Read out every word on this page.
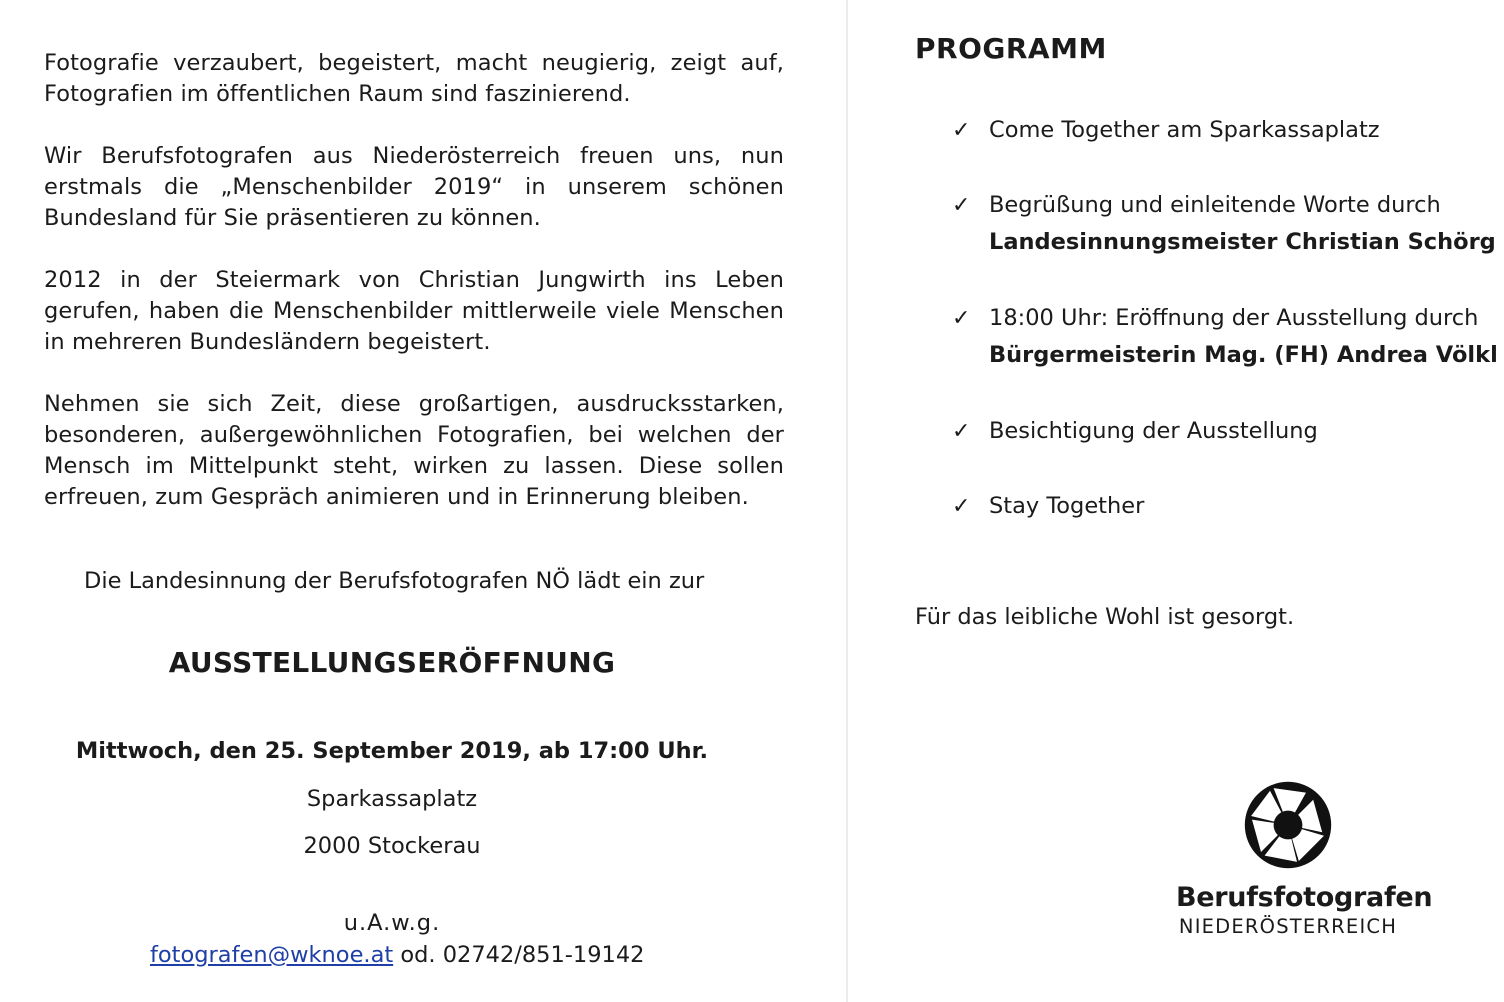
Fotografie verzaubert, begeistert, macht neugierig, zeigt auf, Fotografien im öffentlichen Raum sind faszinierend.

Wir Berufsfotografen aus Niederösterreich freuen uns, nun erstmals die „Menschenbilder 2019“ in unserem schönen Bundesland für Sie präsentieren zu können.

2012 in der Steiermark von Christian Jungwirth ins Leben gerufen, haben die Menschenbilder mittlerweile viele Menschen in mehreren Bundesländern begeistert.

Nehmen sie sich Zeit, diese großartigen, ausdrucksstarken, besonderen, außergewöhnlichen Fotografien, bei welchen der Mensch im Mittelpunkt steht, wirken zu lassen. Diese sollen erfreuen, zum Gespräch animieren und in Erinnerung bleiben.

Die Landesinnung der Berufsfotografen NÖ lädt ein zur
AUSSTELLUNGSERÖFFNUNG
Mittwoch, den 25. September 2019, ab 17:00 Uhr.
Sparkassaplatz
2000 Stockerau
u.A.w.g.
fotografen@wknoe.at od. 02742/851-19142
PROGRAMM
✓ Come Together am Sparkassaplatz
✓ Begrüßung und einleitende Worte durch
Landesinnungsmeister Christian Schörg
✓ 18:00 Uhr: Eröffnung der Ausstellung durch
Bürgermeisterin Mag. (FH) Andrea Völkl
✓ Besichtigung der Ausstellung
✓ Stay Together
Für das leibliche Wohl ist gesorgt.
Berufsfotografen
NIEDERÖSTERREICH
